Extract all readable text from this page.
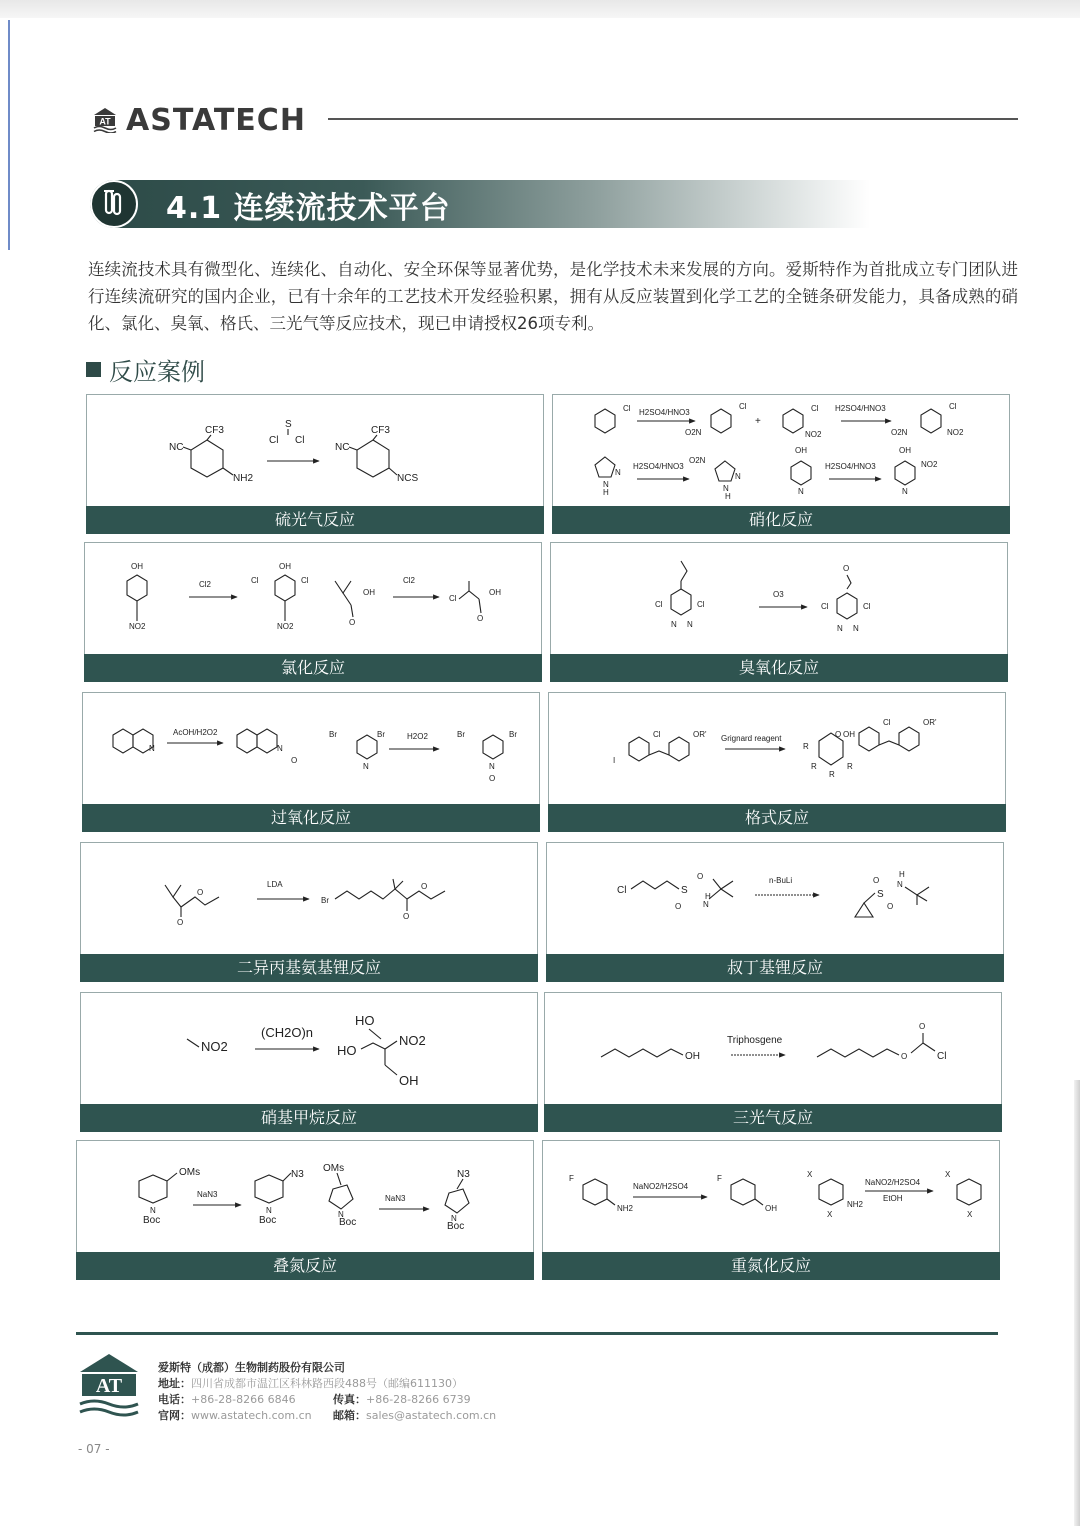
AT ASTATECH
4.1 连续流技术平台

连续流技术具有微型化、连续化、自动化、安全环保等显著优势，是化学技术未来发展的方向。爱斯特作为首批成立专门团队进行连续流研究的国内企业，已有十余年的工艺技术开发经验积累，拥有从反应装置到化学工艺的全链条研发能力，具备成熟的硝化、氯化、臭氧、格氏、三光气等反应技术，现已申请授权26项专利。

反应案例
CF3
NC
NH2
S
Cl Cl
CF3
NC
NCS
硫光气反应
Cl H2SO4/HNO3
Cl
O2N
+
Cl
NO2
H2SO4/HNO3	Cl
O2N	NO2
N
H
N
H2SO4/HNO3
O2N
N
H
N
OH
N
H2SO4/HNO3
OH
NO2
N
硝化反应
OH
NO2
Cl2
OH
Cl	Cl
NO2	O
OH
Cl2
Cl
O
OH
氯化反应
Cl	Cl
N N
O3
O
Cl	Cl
N N
臭氧化反应
N
AcOH/H2O2
N
O
Br	Br
N
H2O2	Br	Br
N
O
过氧化反应
I
Cl	OR' Grignard reagent
R
O OH
R
R
R
Cl	OR'
格式反应
O
O
LDA
Br
O
O
二异丙基氨基锂反应
Cl	S
O
O	N
H
n-BuLi
S
O
O
N
H
叔丁基锂反应
NO2
(CH2O)n
HO
HO
NO2
OH
硝基甲烷反应
OH
Triphosgene
O
O
Cl
三光气反应
OMs
N
Boc
NaN3
N3
N
Boc
OMs
N
Boc
NaN3
N3
N
Boc
叠氮反应
F
NH2
NaNO2/H2SO4
F
OH
X
X
NH2
NaNO2/H2SO4
EtOH
X
X
重氮化反应
AT
爱斯特（成都）生物制药股份有限公司
地址： 四川省成都市温江区科林路西段488号（邮编611130）
电话： +86-28-8266 6846	传真： +86-28-8266 6739
官网： www.astatech.com.cn 邮箱： sales@astatech.com.cn
- 07 -
